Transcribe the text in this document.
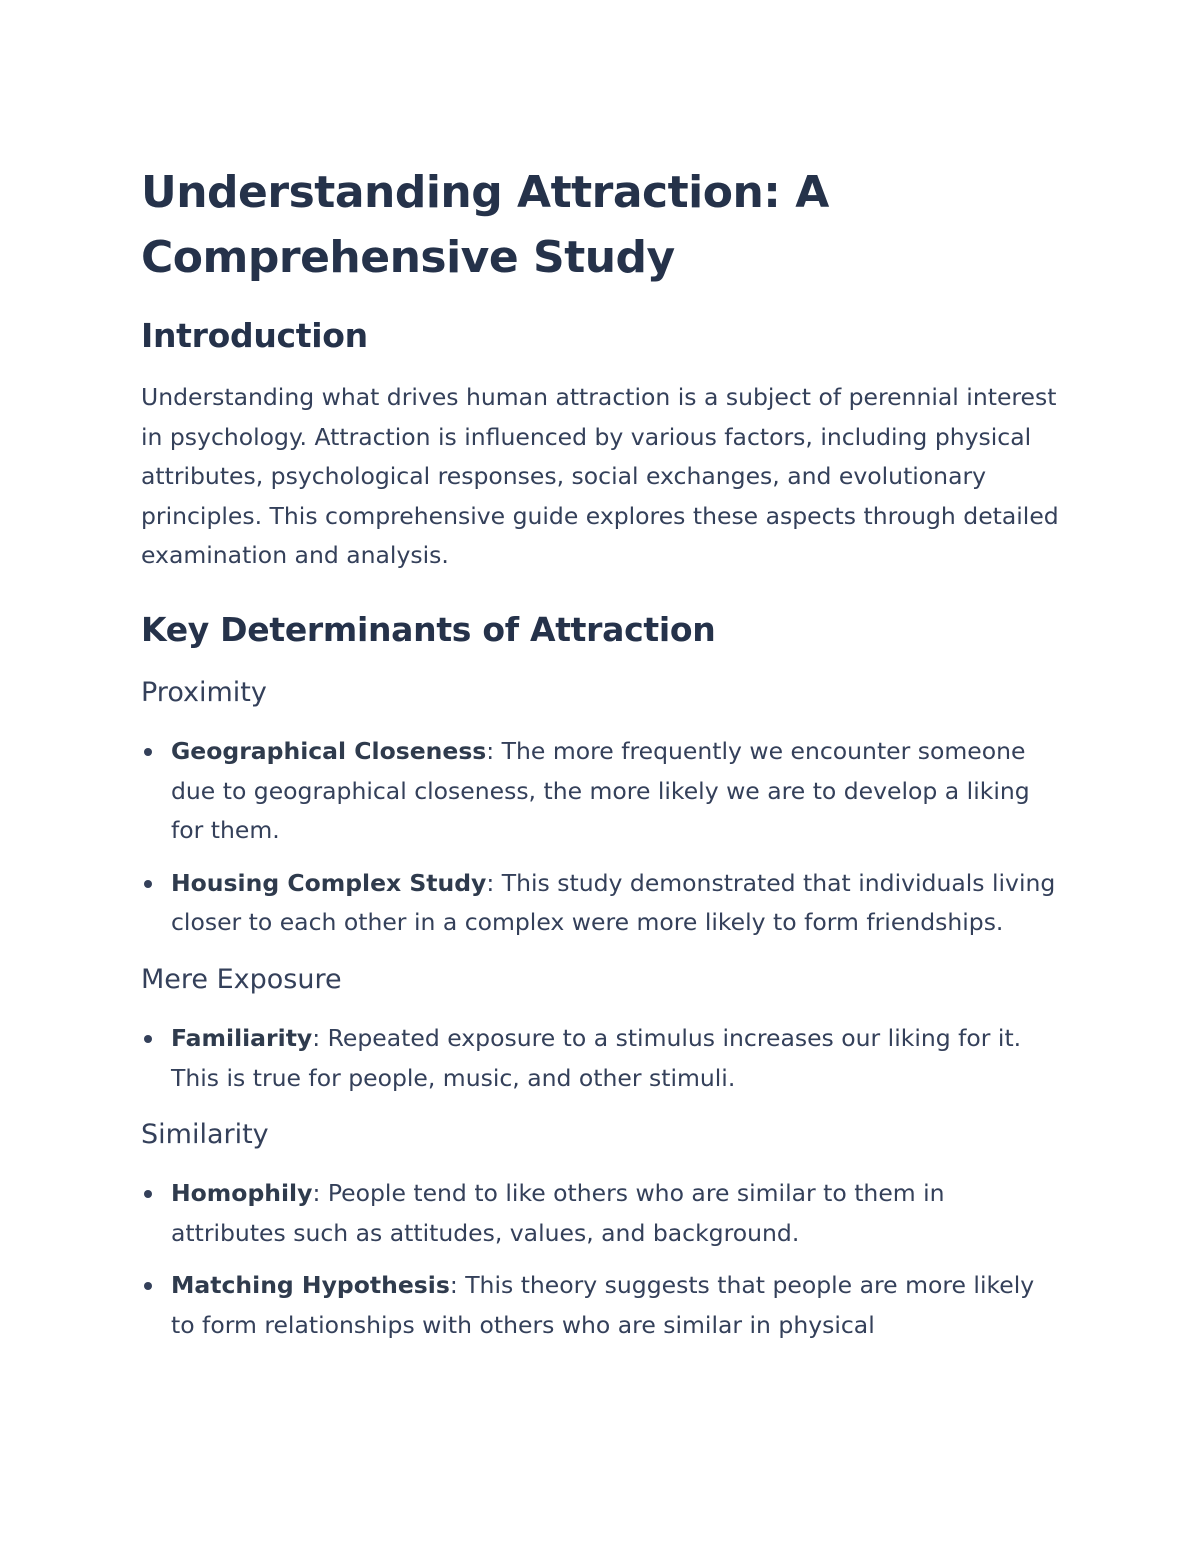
Understanding Attraction: A
Comprehensive Study
Introduction

Understanding what drives human attraction is a subject of perennial interest in psychology. Attraction is influenced by various factors, including physical attributes, psychological responses, social exchanges, and evolutionary principles. This comprehensive guide explores these aspects through detailed examination and analysis.

Key Determinants of Attraction
Proximity
Geographical Closeness: The more frequently we encounter someone due to geographical closeness, the more likely we are to develop a liking for them.
Housing Complex Study: This study demonstrated that individuals living closer to each other in a complex were more likely to form friendships.
Mere Exposure
Familiarity: Repeated exposure to a stimulus increases our liking for it. This is true for people, music, and other stimuli.
Similarity
Homophily: People tend to like others who are similar to them in attributes such as attitudes, values, and background.
Matching Hypothesis: This theory suggests that people are more likely to form relationships with others who are similar in physical
